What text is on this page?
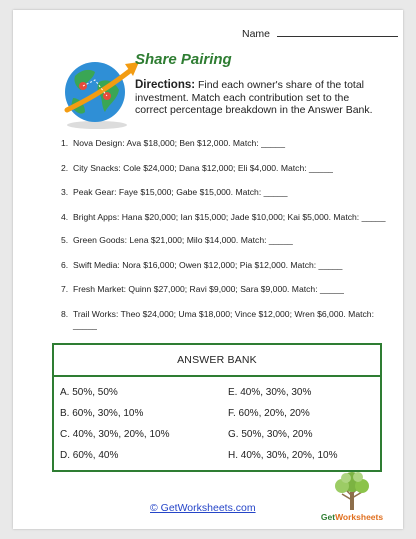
Name
Share Pairing
Directions: Find each owner's share of the total investment. Match each contribution set to the correct percentage breakdown in the Answer Bank.
1. Nova Design: Ava $18,000; Ben $12,000. Match: _____
2. City Snacks: Cole $24,000; Dana $12,000; Eli $4,000. Match: _____
3. Peak Gear: Faye $15,000; Gabe $15,000. Match: _____
4. Bright Apps: Hana $20,000; Ian $15,000; Jade $10,000; Kai $5,000. Match: _____
5. Green Goods: Lena $21,000; Milo $14,000. Match: _____
6. Swift Media: Nora $16,000; Owen $12,000; Pia $12,000. Match: _____
7. Fresh Market: Quinn $27,000; Ravi $9,000; Sara $9,000. Match: _____
8. Trail Works: Theo $24,000; Uma $18,000; Vince $12,000; Wren $6,000. Match: _____
ANSWER BANK
A. 50%, 50%
B. 60%, 30%, 10%
C. 40%, 30%, 20%, 10%
D. 60%, 40%
E. 40%, 30%, 30%
F. 60%, 20%, 20%
G. 50%, 30%, 20%
H. 40%, 30%, 20%, 10%
© GetWorksheets.com
GetWorksheets
